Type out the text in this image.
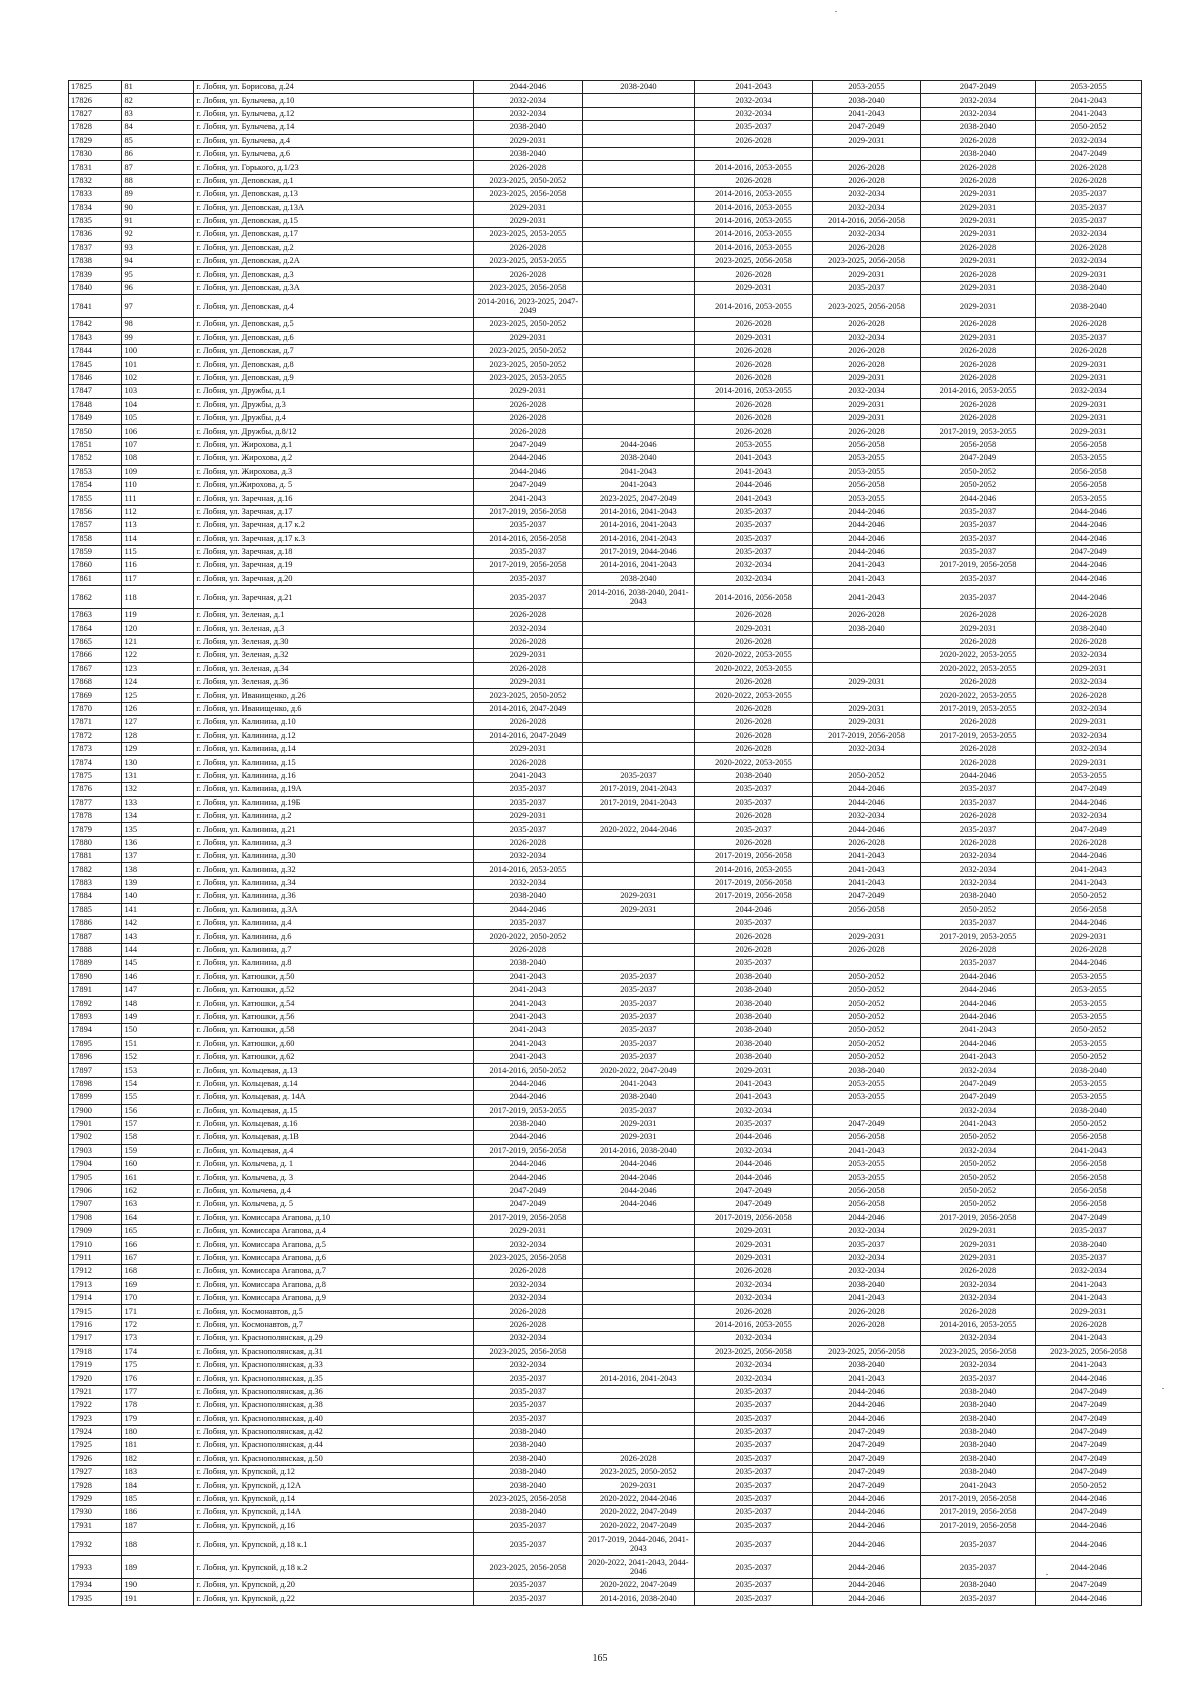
17825	81	г. Лобня, ул. Борисова, д.24	2044-2046	2038-2040	2041-2043	2053-2055	2047-2049	2053-2055
17826	82	г. Лобня, ул. Булычева, д.10	2032-2034		2032-2034	2038-2040	2032-2034	2041-2043
17827	83	г. Лобня, ул. Булычева, д.12	2032-2034		2032-2034	2041-2043	2032-2034	2041-2043
17828	84	г. Лобня, ул. Булычева, д.14	2038-2040		2035-2037	2047-2049	2038-2040	2050-2052
17829	85	г. Лобня, ул. Булычева, д.4	2029-2031		2026-2028	2029-2031	2026-2028	2032-2034
17830	86	г. Лобня, ул. Булычева, д.6	2038-2040				2038-2040	2047-2049
17831	87	г. Лобня, ул. Горького, д.1/23	2026-2028		2014-2016, 2053-2055	2026-2028	2026-2028	2026-2028
17832	88	г. Лобня, ул. Деповская, д.1	2023-2025, 2050-2052		2026-2028	2026-2028	2026-2028	2026-2028
17833	89	г. Лобня, ул. Деповская, д.13	2023-2025, 2056-2058		2014-2016, 2053-2055	2032-2034	2029-2031	2035-2037
17834	90	г. Лобня, ул. Деповская, д.13А	2029-2031		2014-2016, 2053-2055	2032-2034	2029-2031	2035-2037
17835	91	г. Лобня, ул. Деповская, д.15	2029-2031		2014-2016, 2053-2055	2014-2016, 2056-2058	2029-2031	2035-2037
17836	92	г. Лобня, ул. Деповская, д.17	2023-2025, 2053-2055		2014-2016, 2053-2055	2032-2034	2029-2031	2032-2034
17837	93	г. Лобня, ул. Деповская, д.2	2026-2028		2014-2016, 2053-2055	2026-2028	2026-2028	2026-2028
17838	94	г. Лобня, ул. Деповская, д.2А	2023-2025, 2053-2055		2023-2025, 2056-2058	2023-2025, 2056-2058	2029-2031	2032-2034
17839	95	г. Лобня, ул. Деповская, д.3	2026-2028		2026-2028	2029-2031	2026-2028	2029-2031
17840	96	г. Лобня, ул. Деповская, д.3А	2023-2025, 2056-2058		2029-2031	2035-2037	2029-2031	2038-2040
17841	97	г. Лобня, ул. Деповская, д.4	2014-2016, 2023-2025, 2047-2049		2014-2016, 2053-2055	2023-2025, 2056-2058	2029-2031	2038-2040
17842	98	г. Лобня, ул. Деповская, д.5	2023-2025, 2050-2052		2026-2028	2026-2028	2026-2028	2026-2028
17843	99	г. Лобня, ул. Деповская, д.6	2029-2031		2029-2031	2032-2034	2029-2031	2035-2037
17844	100	г. Лобня, ул. Деповская, д.7	2023-2025, 2050-2052		2026-2028	2026-2028	2026-2028	2026-2028
17845	101	г. Лобня, ул. Деповская, д.8	2023-2025, 2050-2052		2026-2028	2026-2028	2026-2028	2029-2031
17846	102	г. Лобня, ул. Деповская, д.9	2023-2025, 2053-2055		2026-2028	2029-2031	2026-2028	2029-2031
17847	103	г. Лобня, ул. Дружбы, д.1	2029-2031		2014-2016, 2053-2055	2032-2034	2014-2016, 2053-2055	2032-2034
17848	104	г. Лобня, ул. Дружбы, д.3	2026-2028		2026-2028	2029-2031	2026-2028	2029-2031
17849	105	г. Лобня, ул. Дружбы, д.4	2026-2028		2026-2028	2029-2031	2026-2028	2029-2031
17850	106	г. Лобня, ул. Дружбы, д.8/12	2026-2028		2026-2028	2026-2028	2017-2019, 2053-2055	2029-2031
17851	107	г. Лобня, ул. Жирохова, д.1	2047-2049	2044-2046	2053-2055	2056-2058	2056-2058	2056-2058
17852	108	г. Лобня, ул. Жирохова, д.2	2044-2046	2038-2040	2041-2043	2053-2055	2047-2049	2053-2055
17853	109	г. Лобня, ул. Жирохова, д.3	2044-2046	2041-2043	2041-2043	2053-2055	2050-2052	2056-2058
17854	110	г. Лобня, ул.Жирохова, д. 5	2047-2049	2041-2043	2044-2046	2056-2058	2050-2052	2056-2058
17855	111	г. Лобня, ул. Заречная, д.16	2041-2043	2023-2025, 2047-2049	2041-2043	2053-2055	2044-2046	2053-2055
17856	112	г. Лобня, ул. Заречная, д.17	2017-2019, 2056-2058	2014-2016, 2041-2043	2035-2037	2044-2046	2035-2037	2044-2046
17857	113	г. Лобня, ул. Заречная, д.17 к.2	2035-2037	2014-2016, 2041-2043	2035-2037	2044-2046	2035-2037	2044-2046
17858	114	г. Лобня, ул. Заречная, д.17 к.3	2014-2016, 2056-2058	2014-2016, 2041-2043	2035-2037	2044-2046	2035-2037	2044-2046
17859	115	г. Лобня, ул. Заречная, д.18	2035-2037	2017-2019, 2044-2046	2035-2037	2044-2046	2035-2037	2047-2049
17860	116	г. Лобня, ул. Заречная, д.19	2017-2019, 2056-2058	2014-2016, 2041-2043	2032-2034	2041-2043	2017-2019, 2056-2058	2044-2046
17861	117	г. Лобня, ул. Заречная, д.20	2035-2037	2038-2040	2032-2034	2041-2043	2035-2037	2044-2046
17862	118	г. Лобня, ул. Заречная, д.21	2035-2037	2014-2016, 2038-2040, 2041-2043	2014-2016, 2056-2058	2041-2043	2035-2037	2044-2046
17863	119	г. Лобня, ул. Зеленая, д.1	2026-2028		2026-2028	2026-2028	2026-2028	2026-2028
17864	120	г. Лобня, ул. Зеленая, д.3	2032-2034		2029-2031	2038-2040	2029-2031	2038-2040
17865	121	г. Лобня, ул. Зеленая, д.30	2026-2028		2026-2028		2026-2028	2026-2028
17866	122	г. Лобня, ул. Зеленая, д.32	2029-2031		2020-2022, 2053-2055		2020-2022, 2053-2055	2032-2034
17867	123	г. Лобня, ул. Зеленая, д.34	2026-2028		2020-2022, 2053-2055		2020-2022, 2053-2055	2029-2031
17868	124	г. Лобня, ул. Зеленая, д.36	2029-2031		2026-2028	2029-2031	2026-2028	2032-2034
17869	125	г. Лобня, ул. Иванищенко, д.26	2023-2025, 2050-2052		2020-2022, 2053-2055		2020-2022, 2053-2055	2026-2028
17870	126	г. Лобня, ул. Иванищенко, д.6	2014-2016, 2047-2049		2026-2028	2029-2031	2017-2019, 2053-2055	2032-2034
17871	127	г. Лобня, ул. Калинина, д.10	2026-2028		2026-2028	2029-2031	2026-2028	2029-2031
17872	128	г. Лобня, ул. Калинина, д.12	2014-2016, 2047-2049		2026-2028	2017-2019, 2056-2058	2017-2019, 2053-2055	2032-2034
17873	129	г. Лобня, ул. Калинина, д.14	2029-2031		2026-2028	2032-2034	2026-2028	2032-2034
17874	130	г. Лобня, ул. Калинина, д.15	2026-2028		2020-2022, 2053-2055		2026-2028	2029-2031
17875	131	г. Лобня, ул. Калинина, д.16	2041-2043	2035-2037	2038-2040	2050-2052	2044-2046	2053-2055
17876	132	г. Лобня, ул. Калинина, д.19А	2035-2037	2017-2019, 2041-2043	2035-2037	2044-2046	2035-2037	2047-2049
17877	133	г. Лобня, ул. Калинина, д.19Б	2035-2037	2017-2019, 2041-2043	2035-2037	2044-2046	2035-2037	2044-2046
17878	134	г. Лобня, ул. Калинина, д.2	2029-2031		2026-2028	2032-2034	2026-2028	2032-2034
17879	135	г. Лобня, ул. Калинина, д.21	2035-2037	2020-2022, 2044-2046	2035-2037	2044-2046	2035-2037	2047-2049
17880	136	г. Лобня, ул. Калинина, д.3	2026-2028		2026-2028	2026-2028	2026-2028	2026-2028
17881	137	г. Лобня, ул. Калинина, д.30	2032-2034		2017-2019, 2056-2058	2041-2043	2032-2034	2044-2046
17882	138	г. Лобня, ул. Калинина, д.32	2014-2016, 2053-2055		2014-2016, 2053-2055	2041-2043	2032-2034	2041-2043
17883	139	г. Лобня, ул. Калинина, д.34	2032-2034		2017-2019, 2056-2058	2041-2043	2032-2034	2041-2043
17884	140	г. Лобня, ул. Калинина, д.36	2038-2040	2029-2031	2017-2019, 2056-2058	2047-2049	2038-2040	2050-2052
17885	141	г. Лобня, ул. Калинина, д.3А	2044-2046	2029-2031	2044-2046	2056-2058	2050-2052	2056-2058
17886	142	г. Лобня, ул. Калинина, д.4	2035-2037		2035-2037		2035-2037	2044-2046
17887	143	г. Лобня, ул. Калинина, д.6	2020-2022, 2050-2052		2026-2028	2029-2031	2017-2019, 2053-2055	2029-2031
17888	144	г. Лобня, ул. Калинина, д.7	2026-2028		2026-2028	2026-2028	2026-2028	2026-2028
17889	145	г. Лобня, ул. Калинина, д.8	2038-2040		2035-2037		2035-2037	2044-2046
17890	146	г. Лобня, ул. Катюшки, д.50	2041-2043	2035-2037	2038-2040	2050-2052	2044-2046	2053-2055
17891	147	г. Лобня, ул. Катюшки, д.52	2041-2043	2035-2037	2038-2040	2050-2052	2044-2046	2053-2055
17892	148	г. Лобня, ул. Катюшки, д.54	2041-2043	2035-2037	2038-2040	2050-2052	2044-2046	2053-2055
17893	149	г. Лобня, ул. Катюшки, д.56	2041-2043	2035-2037	2038-2040	2050-2052	2044-2046	2053-2055
17894	150	г. Лобня, ул. Катюшки, д.58	2041-2043	2035-2037	2038-2040	2050-2052	2041-2043	2050-2052
17895	151	г. Лобня, ул. Катюшки, д.60	2041-2043	2035-2037	2038-2040	2050-2052	2044-2046	2053-2055
17896	152	г. Лобня, ул. Катюшки, д.62	2041-2043	2035-2037	2038-2040	2050-2052	2041-2043	2050-2052
17897	153	г. Лобня, ул. Кольцевая, д.13	2014-2016, 2050-2052	2020-2022, 2047-2049	2029-2031	2038-2040	2032-2034	2038-2040
17898	154	г. Лобня, ул. Кольцевая, д.14	2044-2046	2041-2043	2041-2043	2053-2055	2047-2049	2053-2055
17899	155	г. Лобня, ул. Кольцевая, д. 14А	2044-2046	2038-2040	2041-2043	2053-2055	2047-2049	2053-2055
17900	156	г. Лобня, ул. Кольцевая, д.15	2017-2019, 2053-2055	2035-2037	2032-2034		2032-2034	2038-2040
17901	157	г. Лобня, ул. Кольцевая, д.16	2038-2040	2029-2031	2035-2037	2047-2049	2041-2043	2050-2052
17902	158	г. Лобня, ул. Кольцевая, д.1В	2044-2046	2029-2031	2044-2046	2056-2058	2050-2052	2056-2058
17903	159	г. Лобня, ул. Кольцевая, д.4	2017-2019, 2056-2058	2014-2016, 2038-2040	2032-2034	2041-2043	2032-2034	2041-2043
17904	160	г. Лобня, ул. Колычева, д. 1	2044-2046	2044-2046	2044-2046	2053-2055	2050-2052	2056-2058
17905	161	г. Лобня, ул. Колычева, д. 3	2044-2046	2044-2046	2044-2046	2053-2055	2050-2052	2056-2058
17906	162	г. Лобня, ул. Колычева, д.4	2047-2049	2044-2046	2047-2049	2056-2058	2050-2052	2056-2058
17907	163	г. Лобня, ул. Колычева, д. 5	2047-2049	2044-2046	2047-2049	2056-2058	2050-2052	2056-2058
17908	164	г. Лобня, ул. Комиссара Агапова, д.10	2017-2019, 2056-2058		2017-2019, 2056-2058	2044-2046	2017-2019, 2056-2058	2047-2049
17909	165	г. Лобня, ул. Комиссара Агапова, д.4	2029-2031		2029-2031	2032-2034	2029-2031	2035-2037
17910	166	г. Лобня, ул. Комиссара Агапова, д.5	2032-2034		2029-2031	2035-2037	2029-2031	2038-2040
17911	167	г. Лобня, ул. Комиссара Агапова, д.6	2023-2025, 2056-2058		2029-2031	2032-2034	2029-2031	2035-2037
17912	168	г. Лобня, ул. Комиссара Агапова, д.7	2026-2028		2026-2028	2032-2034	2026-2028	2032-2034
17913	169	г. Лобня, ул. Комиссара Агапова, д.8	2032-2034		2032-2034	2038-2040	2032-2034	2041-2043
17914	170	г. Лобня, ул. Комиссара Агапова, д.9	2032-2034		2032-2034	2041-2043	2032-2034	2041-2043
17915	171	г. Лобня, ул. Космонавтов, д.5	2026-2028		2026-2028	2026-2028	2026-2028	2029-2031
17916	172	г. Лобня, ул. Космонавтов, д.7	2026-2028		2014-2016, 2053-2055	2026-2028	2014-2016, 2053-2055	2026-2028
17917	173	г. Лобня, ул. Краснополянская, д.29	2032-2034		2032-2034		2032-2034	2041-2043
17918	174	г. Лобня, ул. Краснополянская, д.31	2023-2025, 2056-2058		2023-2025, 2056-2058	2023-2025, 2056-2058	2023-2025, 2056-2058	2023-2025, 2056-2058
17919	175	г. Лобня, ул. Краснополянская, д.33	2032-2034		2032-2034	2038-2040	2032-2034	2041-2043
17920	176	г. Лобня, ул. Краснополянская, д.35	2035-2037	2014-2016, 2041-2043	2032-2034	2041-2043	2035-2037	2044-2046
17921	177	г. Лобня, ул. Краснополянская, д.36	2035-2037		2035-2037	2044-2046	2038-2040	2047-2049
17922	178	г. Лобня, ул. Краснополянская, д.38	2035-2037		2035-2037	2044-2046	2038-2040	2047-2049
17923	179	г. Лобня, ул. Краснополянская, д.40	2035-2037		2035-2037	2044-2046	2038-2040	2047-2049
17924	180	г. Лобня, ул. Краснополянская, д.42	2038-2040		2035-2037	2047-2049	2038-2040	2047-2049
17925	181	г. Лобня, ул. Краснополянская, д.44	2038-2040		2035-2037	2047-2049	2038-2040	2047-2049
17926	182	г. Лобня, ул. Краснополянская, д.50	2038-2040	2026-2028	2035-2037	2047-2049	2038-2040	2047-2049
17927	183	г. Лобня, ул. Крупской, д.12	2038-2040	2023-2025, 2050-2052	2035-2037	2047-2049	2038-2040	2047-2049
17928	184	г. Лобня, ул. Крупской, д.12А	2038-2040	2029-2031	2035-2037	2047-2049	2041-2043	2050-2052
17929	185	г. Лобня, ул. Крупской, д.14	2023-2025, 2056-2058	2020-2022, 2044-2046	2035-2037	2044-2046	2017-2019, 2056-2058	2044-2046
17930	186	г. Лобня, ул. Крупской, д.14А	2038-2040	2020-2022, 2047-2049	2035-2037	2044-2046	2017-2019, 2056-2058	2047-2049
17931	187	г. Лобня, ул. Крупской, д.16	2035-2037	2020-2022, 2047-2049	2035-2037	2044-2046	2017-2019, 2056-2058	2044-2046
17932	188	г. Лобня, ул. Крупской, д.18 к.1	2035-2037	2017-2019, 2044-2046, 2041-2043	2035-2037	2044-2046	2035-2037	2044-2046
17933	189	г. Лобня, ул. Крупской, д.18 к.2	2023-2025, 2056-2058	2020-2022, 2041-2043, 2044-2046	2035-2037	2044-2046	2035-2037	2044-2046
17934	190	г. Лобня, ул. Крупской, д.20	2035-2037	2020-2022, 2047-2049	2035-2037	2044-2046	2038-2040	2047-2049
17935	191	г. Лобня, ул. Крупской, д.22	2035-2037	2014-2016, 2038-2040	2035-2037	2044-2046	2035-2037	2044-2046
165
